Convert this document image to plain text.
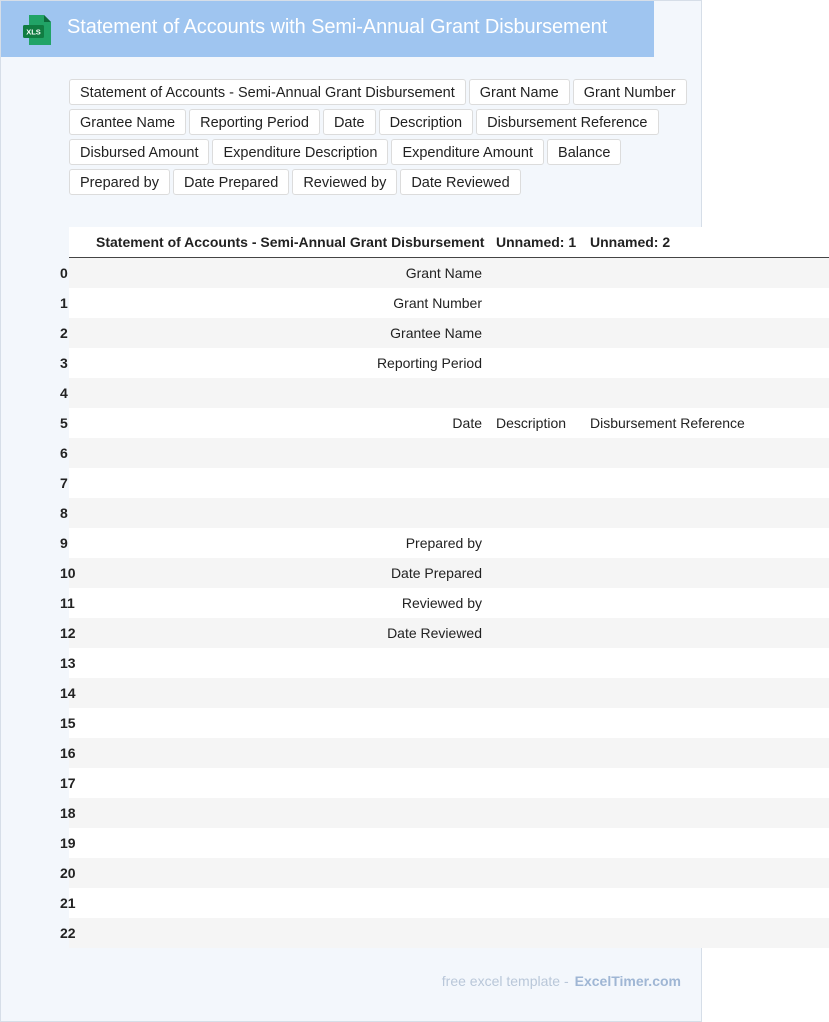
XLS Statement of Accounts with Semi-Annual Grant Disbursement
Statement of Accounts - Semi-Annual Grant Disbursement	Grant Name	Grant Number
Grantee Name	Reporting Period	Date	Description	Disbursement Reference
Disbursed Amount	Expenditure Description	Expenditure Amount	Balance
Prepared by	Date Prepared	Reviewed by	Date Reviewed
	Statement of Accounts - Semi-Annual Grant Disbursement	Unnamed: 1	Unnamed: 2
0	Grant Name		
1	Grant Number		
2	Grantee Name		
3	Reporting Period		
4			
5	Date	Description	Disbursement Reference
6			
7			
8			
9	Prepared by		
10	Date Prepared		
11	Reviewed by		
12	Date Reviewed		
13			
14			
15			
16			
17			
18			
19			
20			
21			
22			
free excel template - ExcelTimer.com
